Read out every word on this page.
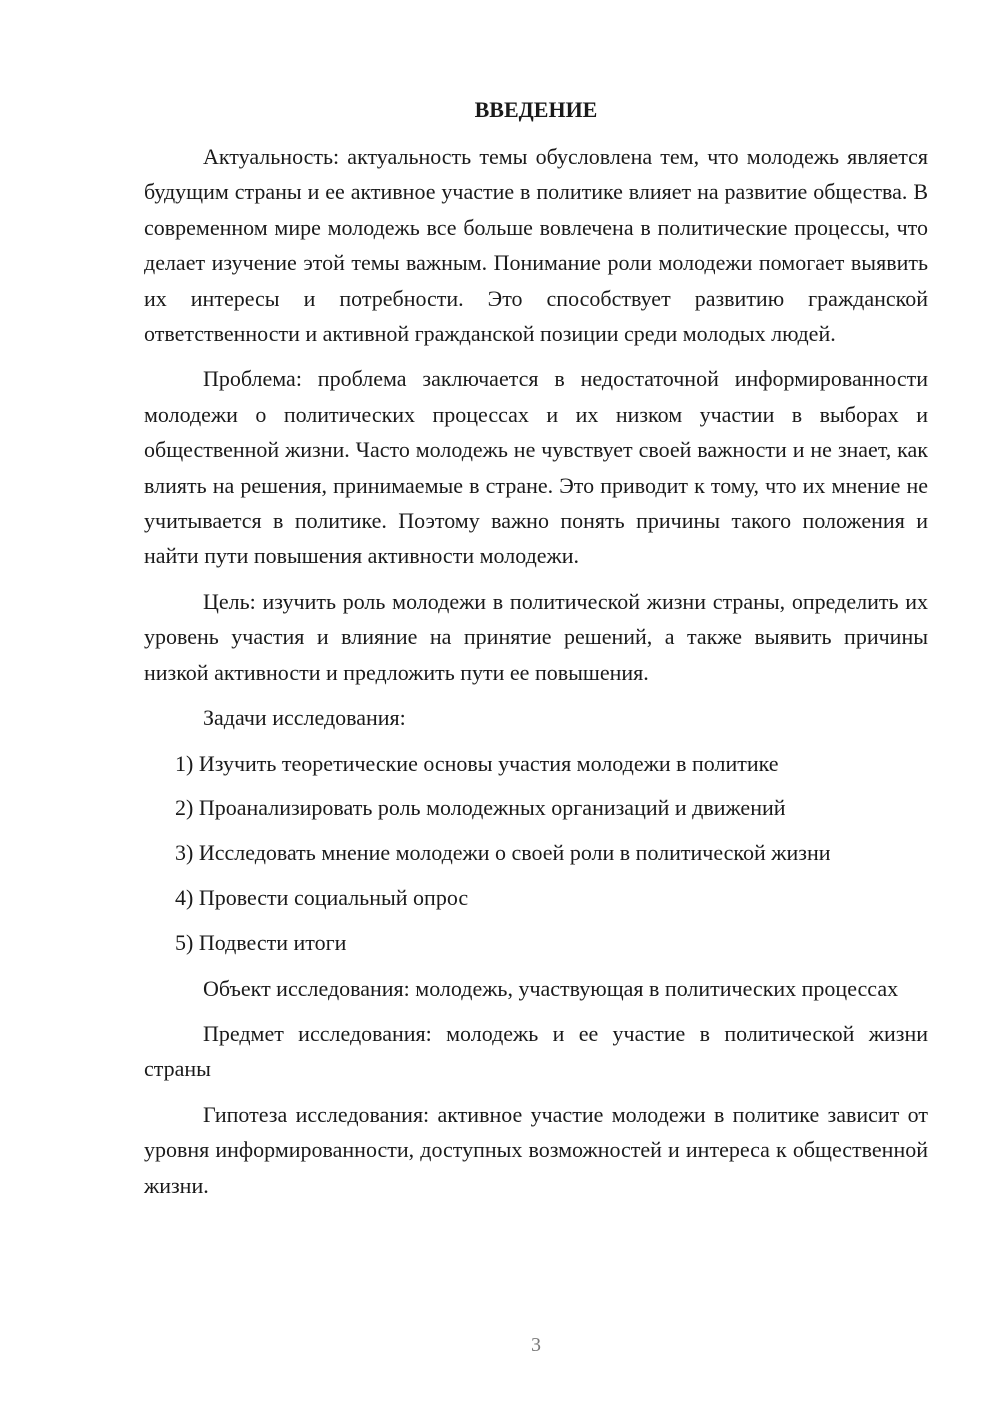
ВВЕДЕНИЕ

Актуальность: актуальность темы обусловлена тем, что молодежь является будущим страны и ее активное участие в политике влияет на развитие общества. В современном мире молодежь все больше вовлечена в политические процессы, что делает изучение этой темы важным. Понимание роли молодежи помогает выявить их интересы и потребности. Это способствует развитию гражданской ответственности и активной гражданской позиции среди молодых людей.

Проблема: проблема заключается в недостаточной информированности молодежи о политических процессах и их низком участии в выборах и общественной жизни. Часто молодежь не чувствует своей важности и не знает, как влиять на решения, принимаемые в стране. Это приводит к тому, что их мнение не учитывается в политике. Поэтому важно понять причины такого положения и найти пути повышения активности молодежи.

Цель: изучить роль молодежи в политической жизни страны, определить их уровень участия и влияние на принятие решений, а также выявить причины низкой активности и предложить пути ее повышения.

Задачи исследования:

1) Изучить теоретические основы участия молодежи в политике
2) Проанализировать роль молодежных организаций и движений
3) Исследовать мнение молодежи о своей роли в политической жизни
4) Провести социальный опрос
5) Подвести итоги

Объект исследования: молодежь, участвующая в политических процессах

Предмет исследования: молодежь и ее участие в политической жизни страны

Гипотеза исследования: активное участие молодежи в политике зависит от уровня информированности, доступных возможностей и интереса к общественной жизни.

3
